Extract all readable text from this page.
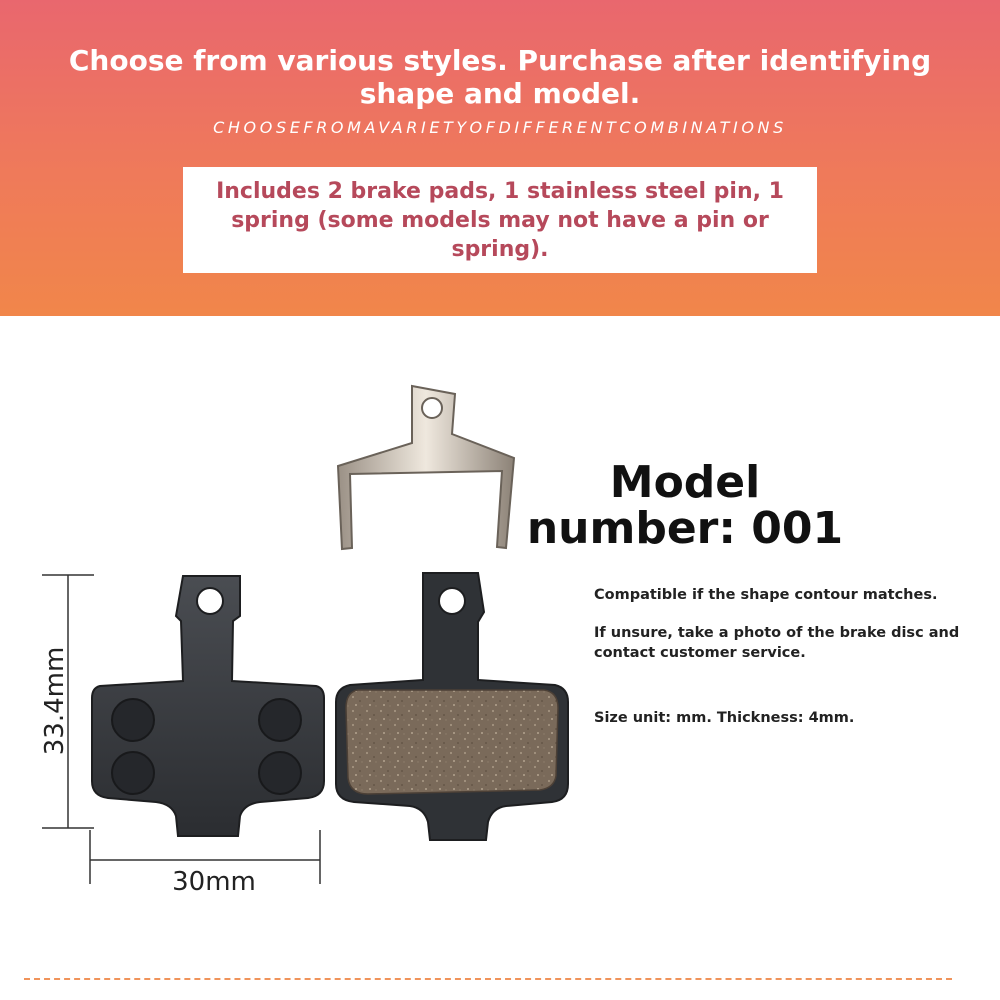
Choose from various styles. Purchase after identifying shape and model.
CHOOSEFROMAVARIETYOFDIFFERENTCOMBINATIONS
Includes 2 brake pads, 1 stainless steel pin, 1 spring (some models may not have a pin or spring).
33.4mm
30mm
Model number: 001
Compatible if the shape contour matches.
If unsure, take a photo of the brake disc and contact customer service.
Size unit: mm. Thickness: 4mm.
